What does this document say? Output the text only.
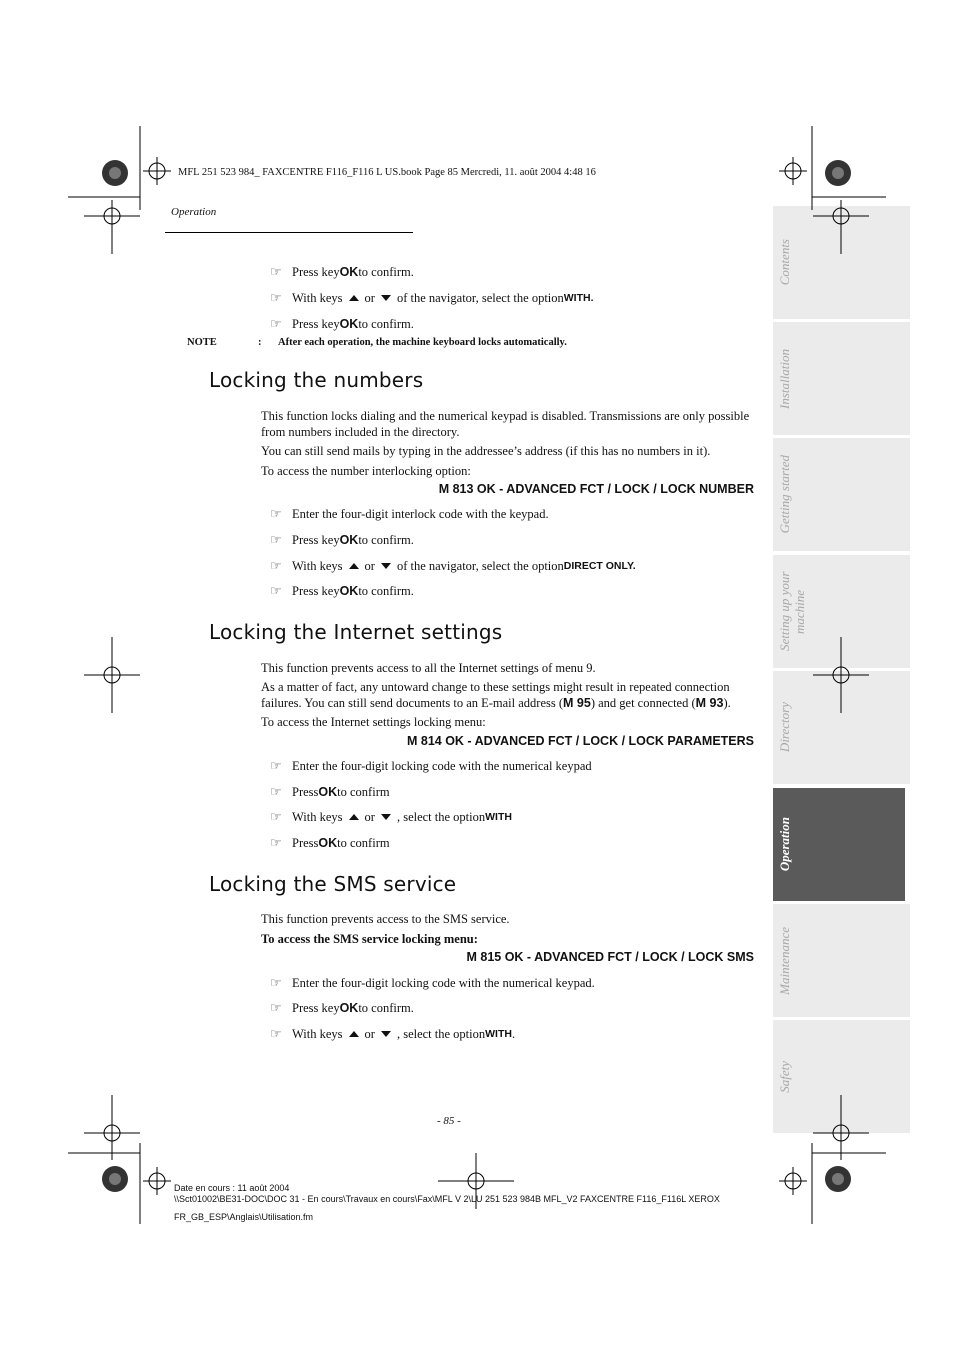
MFL 251 523 984_ FAXCENTRE F116_F116 L US.book Page 85 Mercredi, 11. août 2004 4:48 16
Operation
☞ Press key OK to confirm.
☞ With keys or of the navigator, select the option WITH.
☞ Press key OK to confirm.
NOTE	: After each operation, the machine keyboard locks automatically.
Locking the numbers
This function locks dialing and the numerical keypad is disabled. Transmissions are only possible from numbers included in the directory.
You can still send mails by typing in the addressee’s address (if this has no numbers in it).
To access the number interlocking option:
M 813 OK - ADVANCED FCT / LOCK / LOCK NUMBER
☞ Enter the four-digit interlock code with the keypad.
☞ Press key OK to confirm.
☞ With keys or of the navigator, select the option DIRECT ONLY.
☞ Press key OK to confirm.
Locking the Internet settings
This function prevents access to all the Internet settings of menu 9.
As a matter of fact, any untoward change to these settings might result in repeated connection failures. You can still send documents to an E-mail address (M 95) and get connected (M 93).
To access the Internet settings locking menu:
M 814 OK - ADVANCED FCT / LOCK / LOCK PARAMETERS
☞ Enter the four-digit locking code with the numerical keypad
☞ Press OK to confirm
☞ With keys or , select the option WITH
☞ Press OK to confirm
Locking the SMS service
This function prevents access to the SMS service.
To access the SMS service locking menu:
M 815 OK - ADVANCED FCT / LOCK / LOCK SMS
☞ Enter the four-digit locking code with the numerical keypad.
☞ Press key OK to confirm.
☞ With keys or , select the option WITH .
- 85 -
Date en cours : 11 août 2004
\\Sct01002\BE31-DOC\DOC 31 - En cours\Travaux en cours\Fax\MFL V 2\LU 251 523 984B MFL_V2 FAXCENTRE F116_F116L XEROX
FR_GB_ESP\Anglais\Utilisation.fm
Contents
Installation
Getting started
Setting up your machine
Directory
Operation
Maintenance
Safety
